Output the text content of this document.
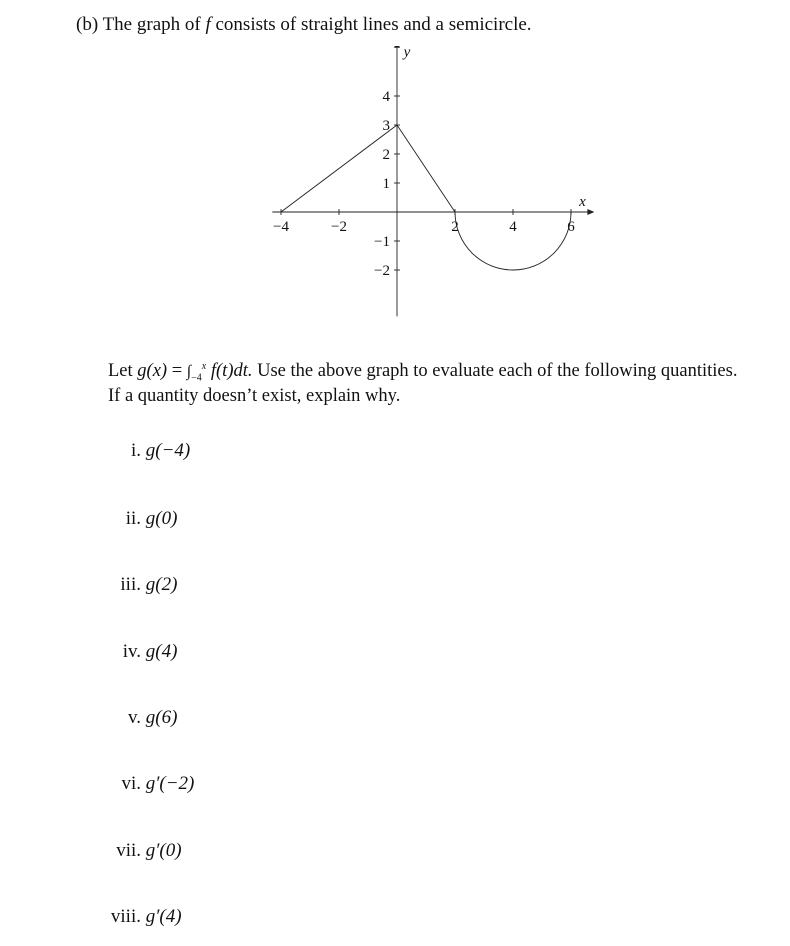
(b) The graph of f consists of straight lines and a semicircle.
−4	−2	2	4	6
−2
−1
1
2
3
4
x
y
Let $g(x) = \int_{-4}^x$ f(t)dt. Use the above graph to evaluate each of the following quantities. If a quantity doesn’t exist, explain why.
i. g(−4)
ii. g(0)
iii. g(2)
iv. g(4)
v. g(6)
vi. g′(−2)
vii. g′(0)
viii. g′(4)
